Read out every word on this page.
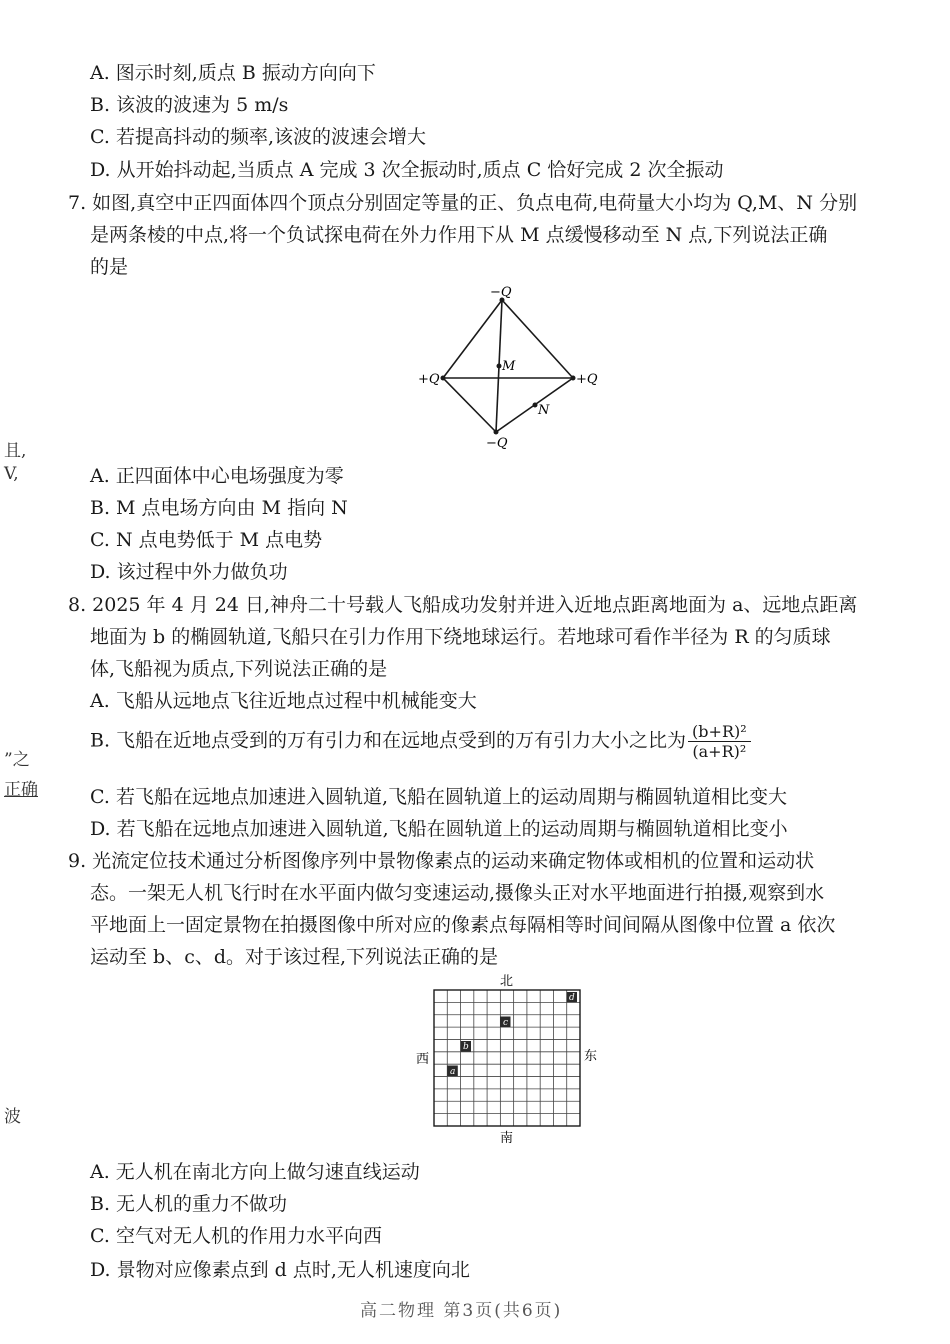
A. 图示时刻,质点 B 振动方向向下
B. 该波的波速为 5 m/s
C. 若提高抖动的频率,该波的波速会增大
D. 从开始抖动起,当质点 A 完成 3 次全振动时,质点 C 恰好完成 2 次全振动
7. 如图,真空中正四面体四个顶点分别固定等量的正、负点电荷,电荷量大小均为 Q,M、N 分别
是两条棱的中点,将一个负试探电荷在外力作用下从 M 点缓慢移动至 N 点,下列说法正确
的是
−Q
+Q	+Q
−Q
M
N
且,
V,
”之
正确
波
A. 正四面体中心电场强度为零
B. M 点电场方向由 M 指向 N
C. N 点电势低于 M 点电势
D. 该过程中外力做负功
8. 2025 年 4 月 24 日,神舟二十号载人飞船成功发射并进入近地点距离地面为 a、远地点距离
地面为 b 的椭圆轨道,飞船只在引力作用下绕地球运行。若地球可看作半径为 R 的匀质球
体,飞船视为质点,下列说法正确的是
A. 飞船从远地点飞往近地点过程中机械能变大
B. 飞船在近地点受到的万有引力和在远地点受到的万有引力大小之比为 $\frac{\text{(b+R)²}}{\text{(a+R)²}}$
C. 若飞船在远地点加速进入圆轨道,飞船在圆轨道上的运动周期与椭圆轨道相比变大
D. 若飞船在远地点加速进入圆轨道,飞船在圆轨道上的运动周期与椭圆轨道相比变小
9. 光流定位技术通过分析图像序列中景物像素点的运动来确定物体或相机的位置和运动状
态。一架无人机飞行时在水平面内做匀变速运动,摄像头正对水平地面进行拍摄,观察到水
平地面上一固定景物在拍摄图像中所对应的像素点每隔相等时间间隔从图像中位置 a 依次
运动至 b、c、d。对于该过程,下列说法正确的是
a
b
c
d
北
南
西	东
A. 无人机在南北方向上做匀速直线运动
B. 无人机的重力不做功
C. 空气对无人机的作用力水平向西
D. 景物对应像素点到 d 点时,无人机速度向北
高二物理 第3页(共6页)
